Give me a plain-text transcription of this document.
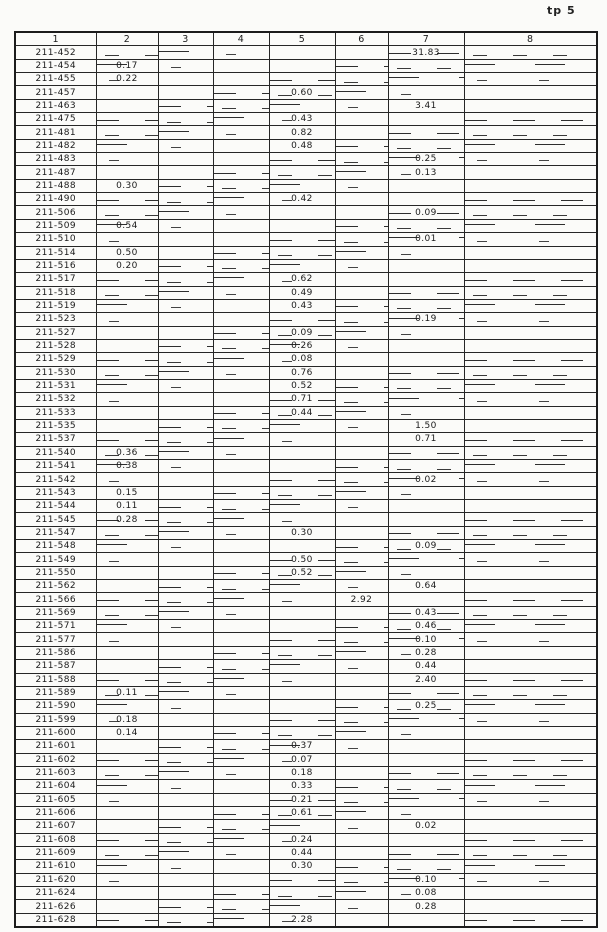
tp 5
1	2	3	4	5	6	7	8
211-452						31.83	
211-454	0.17						
211-455	0.22						
211-457				0.60			
211-463						3.41	
211-475				0.43			
211-481				0.82			
211-482				0.48			
211-483						0.25	
211-487						0.13	
211-488	0.30						
211-490				0.42			
211-506						0.09	
211-509	0.54						
211-510						0.01	
211-514	0.50						
211-516	0.20						
211-517				0.62			
211-518				0.49			
211-519				0.43			
211-523						0.19	
211-527				0.09			
211-528				0.26			
211-529				0.08			
211-530				0.76			
211-531				0.52			
211-532				0.71			
211-533				0.44			
211-535						1.50	
211-537						0.71	
211-540	0.36						
211-541	0.38						
211-542						0.02	
211-543	0.15						
211-544	0.11						
211-545	0.28						
211-547				0.30			
211-548						0.09	
211-549				0.50			
211-550				0.52			
211-562						0.64	
211-566					2.92		
211-569						0.43	
211-571						0.46	
211-577						0.10	
211-586						0.28	
211-587						0.44	
211-588						2.40	
211-589	0.11						
211-590						0.25	
211-599	0.18						
211-600	0.14						
211-601				0.37			
211-602				0.07			
211-603				0.18			
211-604				0.33			
211-605				0.21			
211-606				0.61			
211-607						0.02	
211-608				0.24			
211-609				0.44			
211-610				0.30			
211-620						0.10	
211-624						0.08	
211-626						0.28	
211-628				2.28			
